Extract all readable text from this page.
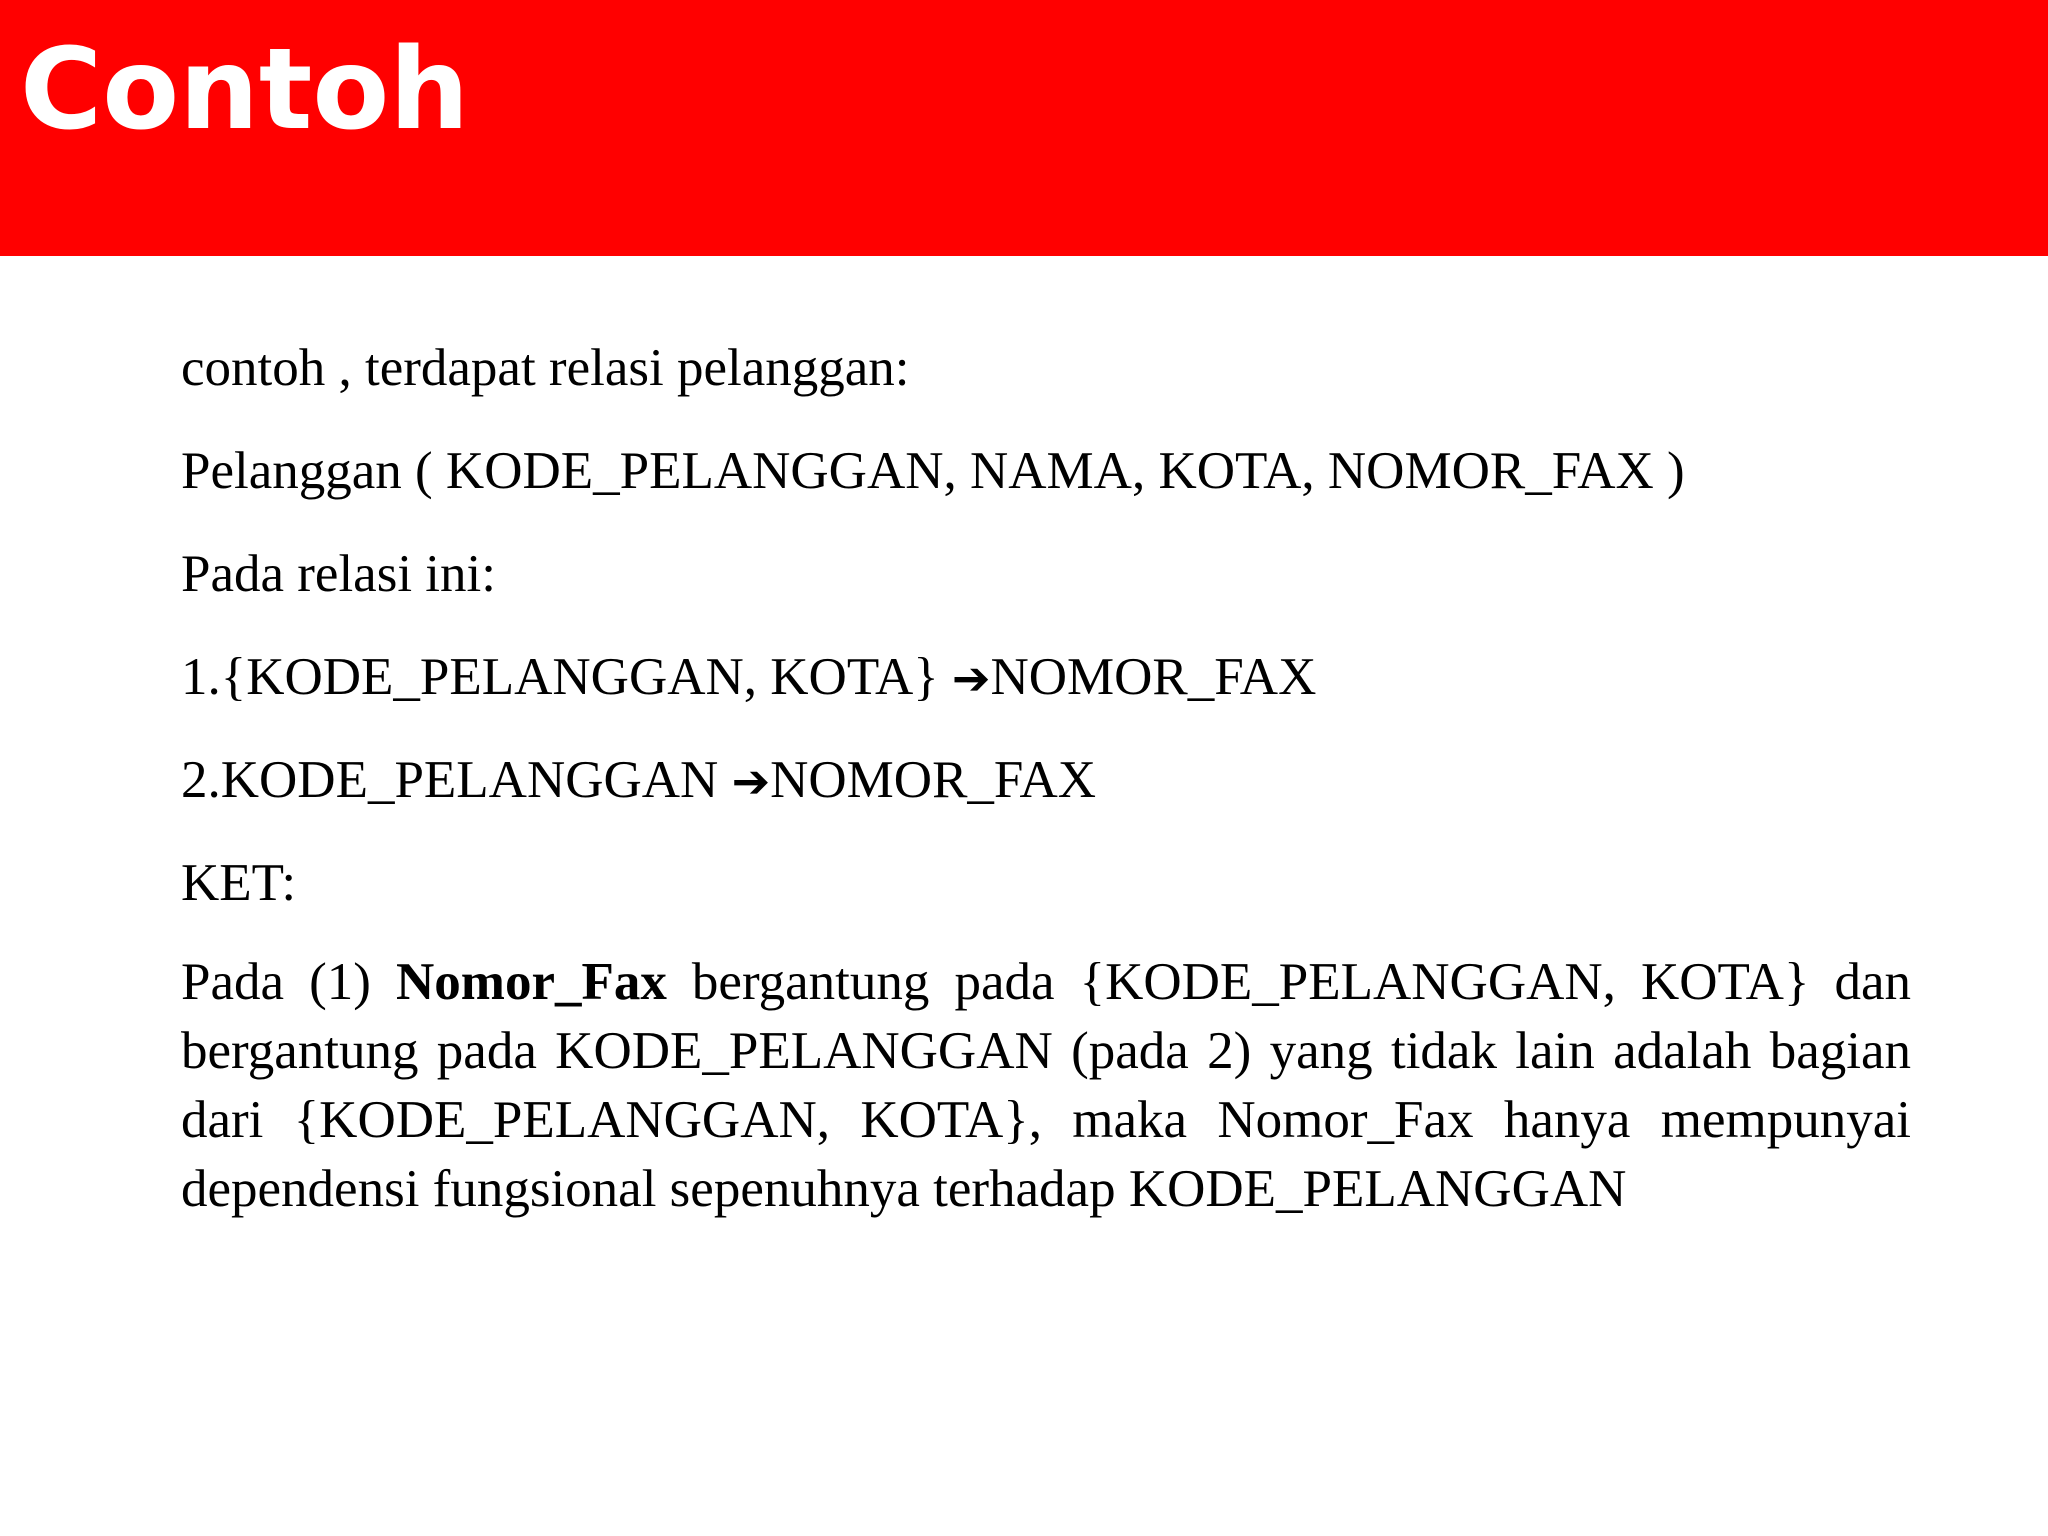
Contoh

contoh , terdapat relasi pelanggan:

Pelanggan ( KODE_PELANGGAN, NAMA, KOTA, NOMOR_FAX )

Pada relasi ini:

1.{KODE_PELANGGAN, KOTA} ➔NOMOR_FAX

2.KODE_PELANGGAN ➔NOMOR_FAX

KET:

Pada (1) Nomor_Fax bergantung pada {KODE_PELANGGAN, KOTA} dan bergantung pada KODE_PELANGGAN (pada 2) yang tidak lain adalah bagian dari {KODE_PELANGGAN, KOTA}, maka Nomor_Fax hanya mempunyai dependensi fungsional sepenuhnya terhadap KODE_PELANGGAN
